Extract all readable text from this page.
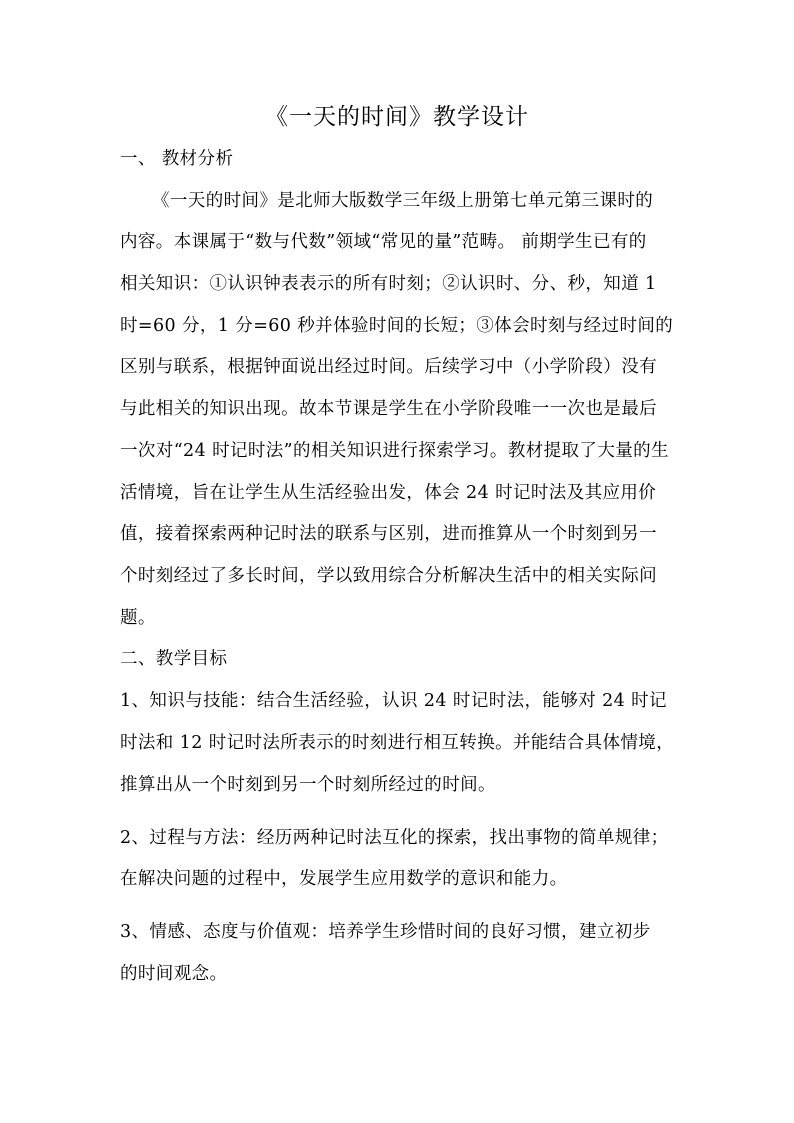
《一天的时间》教学设计
一、 教材分析
《一天的时间》是北师大版数学三年级上册第七单元第三课时的
内容。本课属于“数与代数”领域“常见的量”范畴。 前期学生已有的
相关知识：①认识钟表表示的所有时刻；②认识时、分、秒，知道 1
时=60 分，1 分=60 秒并体验时间的长短；③体会时刻与经过时间的
区别与联系，根据钟面说出经过时间。后续学习中（小学阶段）没有
与此相关的知识出现。故本节课是学生在小学阶段唯一一次也是最后
一次对“24 时记时法”的相关知识进行探索学习。教材提取了大量的生
活情境，旨在让学生从生活经验出发，体会 24 时记时法及其应用价
值，接着探索两种记时法的联系与区别，进而推算从一个时刻到另一
个时刻经过了多长时间，学以致用综合分析解决生活中的相关实际问
题。
二、教学目标
1、知识与技能：结合生活经验，认识 24 时记时法，能够对 24 时记
时法和 12 时记时法所表示的时刻进行相互转换。并能结合具体情境，
推算出从一个时刻到另一个时刻所经过的时间。
2、过程与方法：经历两种记时法互化的探索，找出事物的简单规律；
在解决问题的过程中，发展学生应用数学的意识和能力。
3、情感、态度与价值观：培养学生珍惜时间的良好习惯，建立初步
的时间观念。
